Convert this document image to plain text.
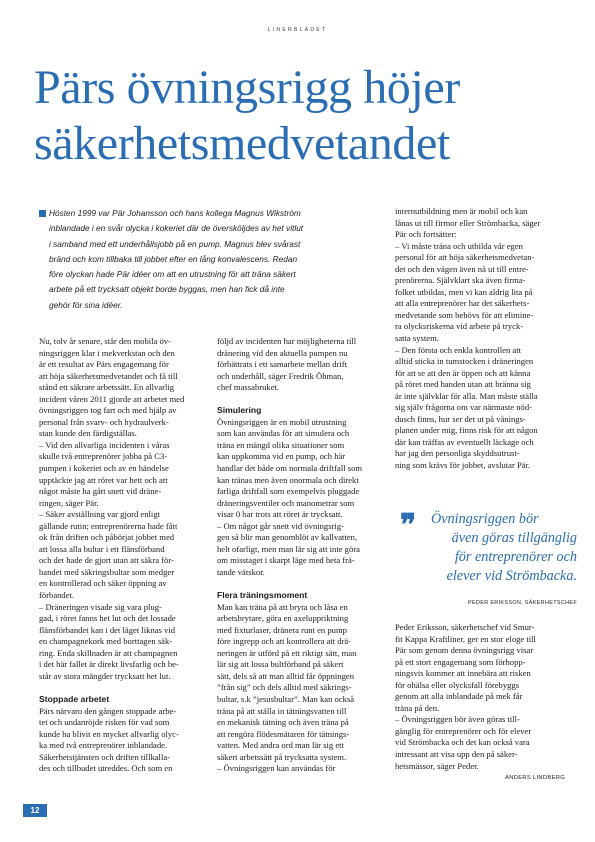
LINERBLADET
Pärs övningsrigg höjer
säkerhetsmedvetandet

Hösten 1999 var Pär Johansson och hans kollega Magnus Wikström
inblandade i en svår olycka i kokeriet där de översköljdes av het vitlut
i samband med ett underhållsjobb på en pump. Magnus blev svårast
bränd och kom tillbaka till jobbet efter en lång konvalescens. Redan
före olyckan hade Pär idéer om att en utrustning för att träna säkert
arbete på ett trycksatt objekt borde byggas, men han fick då inte
gehör för sina idéer.

Nu, tolv år senare, står den mobila öv-
ningsriggen klar i mekverkstan och den
är ett resultat av Pärs engagemang för
att höja säkerhetsmedvetandet och få till
stånd ett säkrare arbetssätt. En allvarlig
incident våren 2011 gjorde att arbetet med
övningsriggen tog fart och med hjälp av
personal från svarv- och hydraulverk-
stan kunde den färdigställas.
– Vid den allvarliga incidenten i våras
skulle två entreprenörer jobba på C3-
pumpen i kokeriet och av en händelse
upptäckte jag att röret var hett och att
något måste ha gått snett vid dräne-
ringen, säger Pär.
– Säker avställning var gjord enligt
gällande rutin; entreprenörerna hade fått
ok från driften och påbörjat jobbet med
att lossa alla bultar i ett flänsförband
och det hade de gjort utan att säkra för-
bandet med säkringsbultar som medger
en kontrollerad och säker öppning av
förbandet.
– Dräneringen visade sig vara plug-
gad, i röret fanns het lut och det lossade
flänsförbandet kan i det läget liknas vid
en champagnekork med borttagen säk-
ring. Enda skillnaden är att champagnen
i det här fallet är direkt livsfarlig och be-
står av stora mängder trycksatt het lut.

Stoppade arbetet
Pärs närvaro den gången stoppade arbe-
tet och undanröjde risken för vad som
kunde ha blivit en mycket allvarlig olyc-
ka med två entreprenörer inblandade.
Säkerhetstjänsten och driften tillkalla-
des och tillbudet utreddes. Och som en
följd av incidenten har möjligheterna till
dränering vid den aktuella pumpen nu
förbättrats i ett samarbete mellan drift
och underhåll, säger Fredrik Öhman,
chef massabruket.

Simulering
Övningsriggen är en mobil utrustning
som kan användas för att simulera och
träna en mängd olika situationer som
kan uppkomma vid en pump, och här
handlar det både om normala driftfall som
kan tränas men även onormala och direkt
farliga driftfall som exempelvis pluggade
dräneringsventiler och manometrar som
visar 0 bar trots att röret är trycksatt.
– Om något går snett vid övningsrig-
gen så blir man genomblöt av kallvatten,
helt ofarligt, men man lär sig att inte göra
om misstaget i skarpt läge med heta frä-
tande vätskor.

Flera träningsmoment
Man kan träna på att bryta och låsa en
arbetsbrytare, göra en axeluppriktning
med fixturlaser, dränera runt en pump
före ingrepp och att kontrollera att drä-
neringen är utförd på ett riktigt sätt, man
lär sig att lossa bultförband på säkert
sätt, dels så att man alltid får öppningen
”från sig” och dels alltid med säkrings-
bultar, s.k ”jesusbultar”. Man kan också
träna på att ställa in tätningsvatten till
en mekanisk tätning och även träna på
att rengöra flödesmätaren för tätnings-
vatten. Med andra ord man lär sig ett
säkert arbetssätt på trycksatta system.
– Övningsriggen kan användas för
internutbildning men är mobil och kan
lånas ut till firmor eller Strömbacka, säger
Pär och fortsätter:
– Vi måste träna och utbilda vår egen
personal för att höja säkerhetsmedvetan-
det och den vägen även nå ut till entre-
prenörerna. Självklart ska även firma-
folket utbildas, men vi kan aldrig lita på
att alla entreprenörer har det säkerhets-
medvetande som behövs för att elimine-
ra olycksriskerna vid arbete på tryck-
satta system.
– Den första och enkla kontrollen att
alltid sticka in tumstocken i dräneringen
för att se att den är öppen och att känna
på röret med handen utan att bränna sig
är inte självklar för alla. Man måste ställa
sig själv frågorna om var närmaste nöd-
dusch finns, hur ser det ut på vånings-
planen under mig, finns risk för att någon
där kan träffas av eventuellt läckage och
har jag den personliga skyddsutrust-
ning som krävs för jobbet, avslutar Pär.
❞	Övningsriggen bör
även göras tillgänglig
för entreprenörer och
elever vid Strömbacka.

PEDER ERIKSSON, SÄKERHETSCHEF
Peder Eriksson, säkerhetschef vid Smur-
fit Kappa Kraftliner, ger en stor eloge till
Pär som genom denna övningsrigg visar
på ett stort engagemang som förhopp-
ningsvis kommer att innebära att risken
för ohälsa eller olycksfall förebyggs
genom att alla inblandade på mek får
träna på den.
– Övningsriggen bör även göras till-
gänglig för entreprenörer och för elever
vid Strömbacka och det kan också vara
intressant att visa upp den på säker-
hetsmässor, säger Peder.
ANDERS LINDBERG
12
